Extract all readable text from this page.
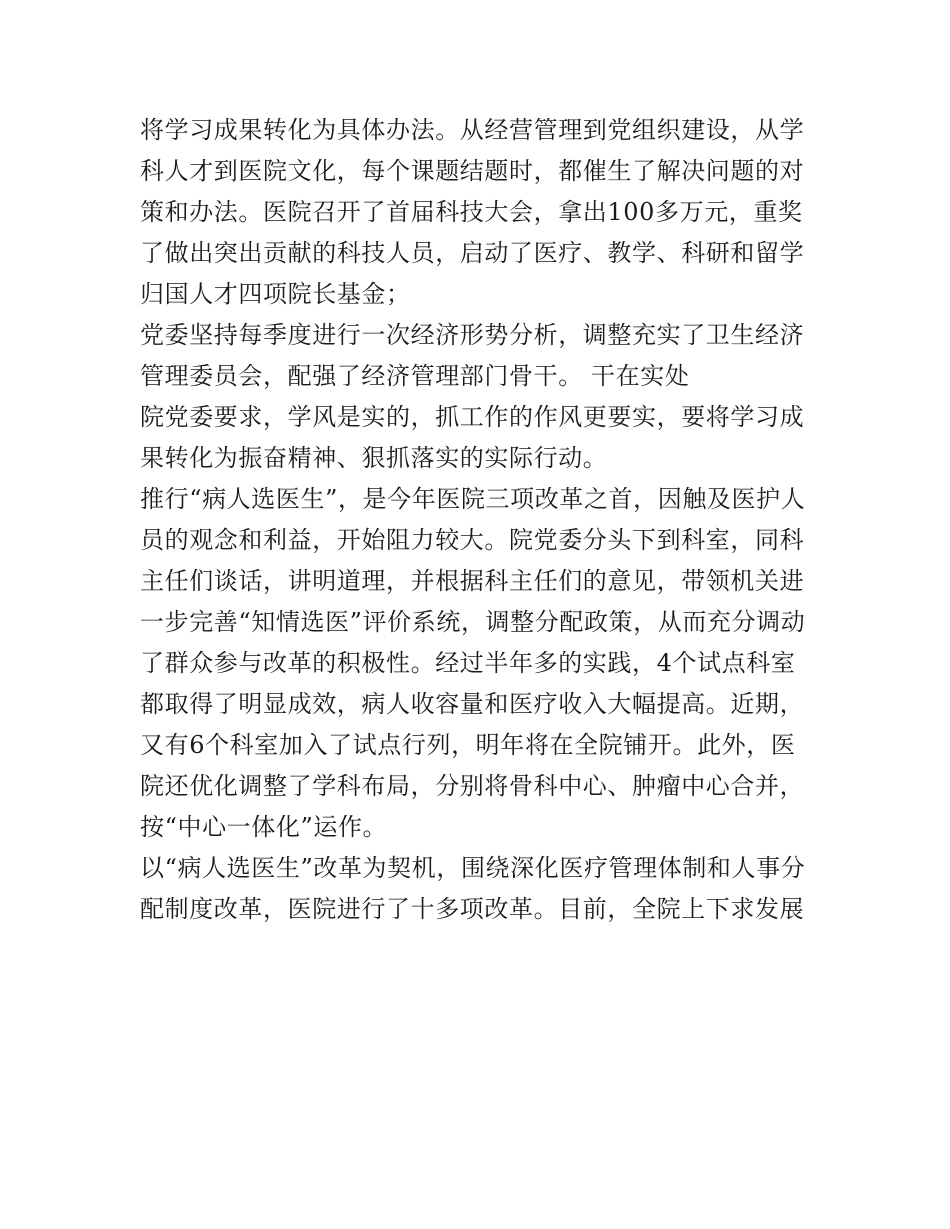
将学习成果转化为具体办法。从经营管理到党组织建设，从学
科人才到医院文化，每个课题结题时，都催生了解决问题的对
策和办法。医院召开了首届科技大会，拿出100多万元，重奖
了做出突出贡献的科技人员，启动了医疗、教学、科研和留学
归国人才四项院长基金；
党委坚持每季度进行一次经济形势分析，调整充实了卫生经济
管理委员会，配强了经济管理部门骨干。 干在实处
院党委要求，学风是实的，抓工作的作风更要实，要将学习成
果转化为振奋精神、狠抓落实的实际行动。
推行“病人选医生”，是今年医院三项改革之首，因触及医护人
员的观念和利益，开始阻力较大。院党委分头下到科室，同科
主任们谈话，讲明道理，并根据科主任们的意见，带领机关进
一步完善“知情选医”评价系统，调整分配政策，从而充分调动
了群众参与改革的积极性。经过半年多的实践，4个试点科室
都取得了明显成效，病人收容量和医疗收入大幅提高。近期，
又有6个科室加入了试点行列，明年将在全院铺开。此外，医
院还优化调整了学科布局，分别将骨科中心、肿瘤中心合并，
按“中心一体化”运作。
以“病人选医生”改革为契机，围绕深化医疗管理体制和人事分
配制度改革，医院进行了十多项改革。目前，全院上下求发展
